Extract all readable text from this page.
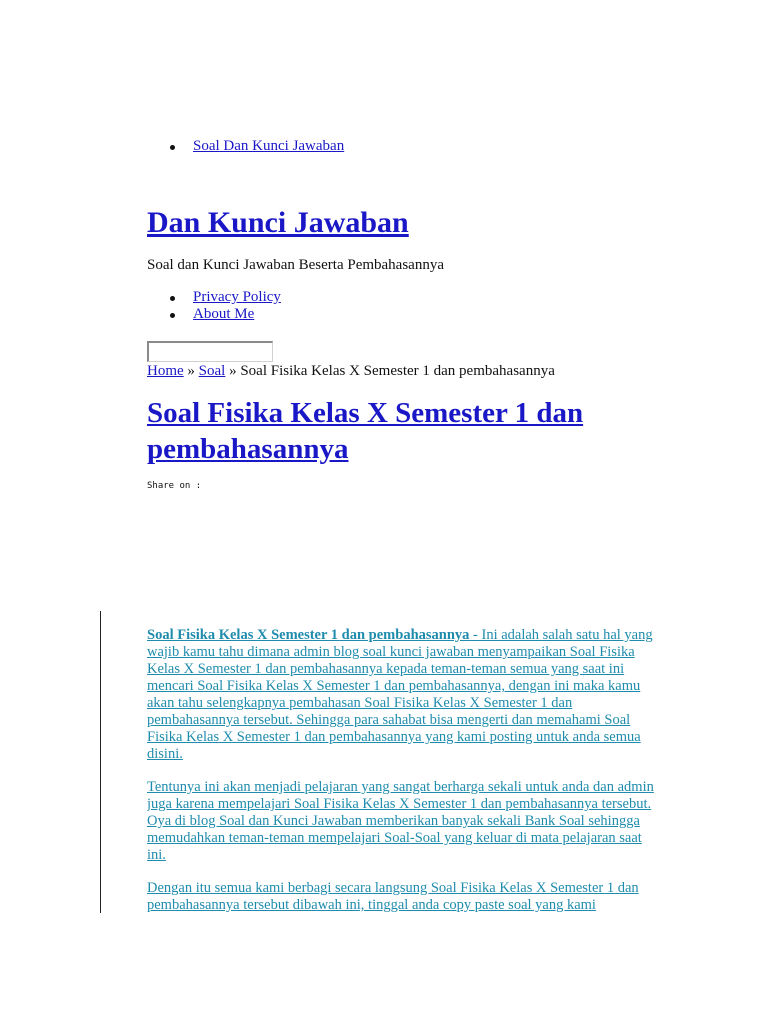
Soal Dan Kunci Jawaban
Dan Kunci Jawaban
Soal dan Kunci Jawaban Beserta Pembahasannya
Privacy Policy
About Me
Home » Soal » Soal Fisika Kelas X Semester 1 dan pembahasannya
Soal Fisika Kelas X Semester 1 dan pembahasannya
Share on :

Soal Fisika Kelas X Semester 1 dan pembahasannya - Ini adalah salah satu hal yang wajib kamu tahu dimana admin blog soal kunci jawaban menyampaikan Soal Fisika Kelas X Semester 1 dan pembahasannya kepada teman-teman semua yang saat ini mencari Soal Fisika Kelas X Semester 1 dan pembahasannya, dengan ini maka kamu akan tahu selengkapnya pembahasan Soal Fisika Kelas X Semester 1 dan pembahasannya tersebut. Sehingga para sahabat bisa mengerti dan memahami Soal Fisika Kelas X Semester 1 dan pembahasannya yang kami posting untuk anda semua disini.

Tentunya ini akan menjadi pelajaran yang sangat berharga sekali untuk anda dan admin juga karena mempelajari Soal Fisika Kelas X Semester 1 dan pembahasannya tersebut. Oya di blog Soal dan Kunci Jawaban memberikan banyak sekali Bank Soal sehingga memudahkan teman-teman mempelajari Soal-Soal yang keluar di mata pelajaran saat ini.

Dengan itu semua kami berbagi secara langsung Soal Fisika Kelas X Semester 1 dan pembahasannya tersebut dibawah ini, tinggal anda copy paste soal yang kami
